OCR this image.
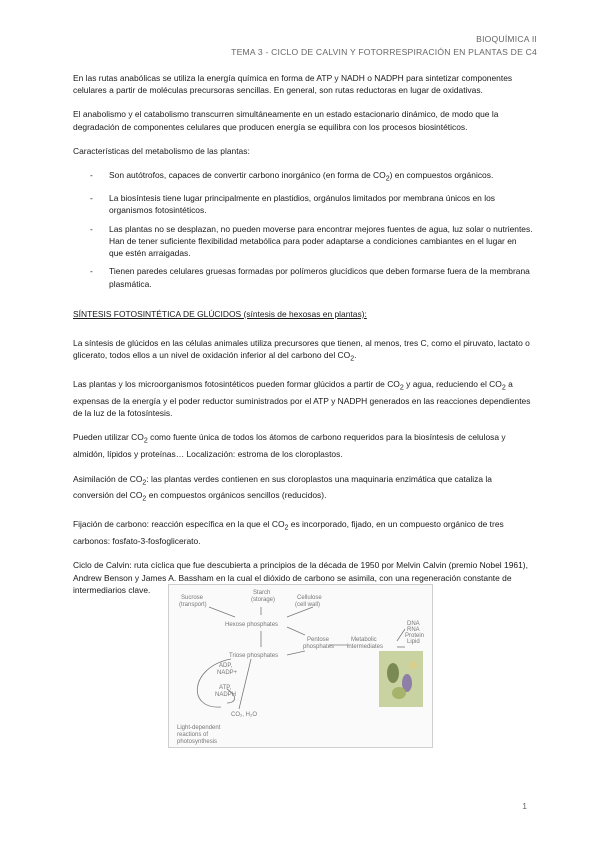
BIOQUÍMICA II
TEMA 3 - CICLO DE CALVIN Y FOTORRESPIRACIÓN EN PLANTAS DE C4

En las rutas anabólicas se utiliza la energía química en forma de ATP y NADH o NADPH para sintetizar componentes celulares a partir de moléculas precursoras sencillas. En general, son rutas reductoras en lugar de oxidativas.

El anabolismo y el catabolismo transcurren simultáneamente en un estado estacionario dinámico, de modo que la degradación de componentes celulares que producen energía se equilibra con los procesos biosintéticos.

Características del metabolismo de las plantas:

- Son autótrofos, capaces de convertir carbono inorgánico (en forma de $CO_2$) en compuestos orgánicos.
- La biosíntesis tiene lugar principalmente en plastidios, orgánulos limitados por membrana únicos en los organismos fotosintéticos.
- Las plantas no se desplazan, no pueden moverse para encontrar mejores fuentes de agua, luz solar o nutrientes. Han de tener suficiente flexibilidad metabólica para poder adaptarse a condiciones cambiantes en el lugar en que estén arraigadas.
- Tienen paredes celulares gruesas formadas por polímeros glucídicos que deben formarse fuera de la membrana plasmática.

SÍNTESIS FOTOSINTÉTICA DE GLÚCIDOS (síntesis de hexosas en plantas):

La síntesis de glúcidos en las células animales utiliza precursores que tienen, al menos, tres C, como el piruvato, lactato o glicerato, todos ellos a un nivel de oxidación inferior al del carbono del $CO_2$.

Las plantas y los microorganismos fotosintéticos pueden formar glúcidos a partir de $CO_2$ y agua, reduciendo el $CO_2$ a expensas de la energía y el poder reductor suministrados por el ATP y NADPH generados en las reacciones dependientes de la luz de la fotosíntesis.

Pueden utilizar $CO_2$ como fuente única de todos los átomos de carbono requeridos para la biosíntesis de celulosa y almidón, lípidos y proteínas… Localización: estroma de los cloroplastos.

Asimilación de $CO_2$: las plantas verdes contienen en sus cloroplastos una maquinaria enzimática que cataliza la conversión del $CO_2$ en compuestos orgánicos sencillos (reducidos).

Fijación de carbono: reacción específica en la que el $CO_2$ es incorporado, fijado, en un compuesto orgánico de tres carbonos: fosfato-3-fosfoglicerato.

Ciclo de Calvin: ruta cíclica que fue descubierta a principios de la década de 1950 por Melvin Calvin (premio Nobel 1961), Andrew Benson y James A. Bassham en la cual el dióxido de carbono se asimila, con una regeneración constante de intermediarios clave.

Sucrose
(transport)
Starch
(storage)	Cellulose
(cell wall)
Hexose phosphates
Pentose
phosphates
Triose phosphates
Metabolic
intermediates
DNA
RNA
Protein
Lipid
ADP,
NADP+
ATP,
NADPH
CO₂, H₂O
Light-dependent
reactions of
photosynthesis
1
